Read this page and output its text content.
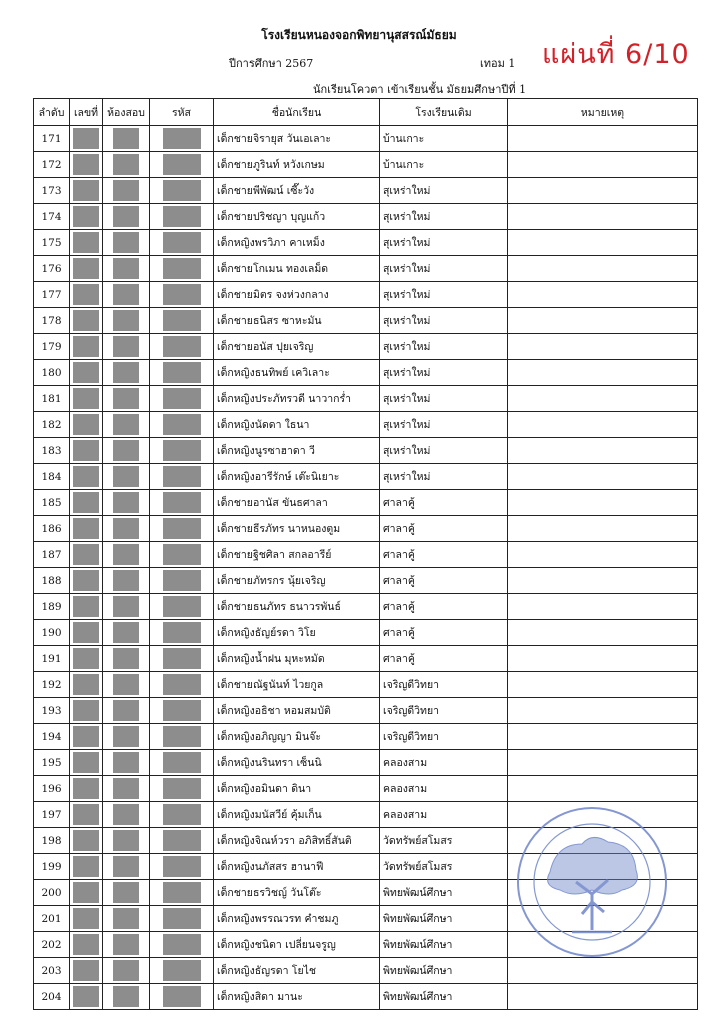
โรงเรียนหนองจอกพิทยานุสสรณ์มัธยม
ปีการศึกษา 2567	เทอม 1 แผ่นที่ 6/10
นักเรียนโควตา เข้าเรียนชั้น มัธยมศึกษาปีที่ 1
ลำดับ	เลขที่	ห้องสอบ	รหัส	ชื่อนักเรียน	โรงเรียนเดิม	หมายเหตุ
171				เด็กชายจิรายุส วันเอเลาะ	บ้านเกาะ	
172				เด็กชายภูรินท์ หวังเกษม	บ้านเกาะ	
173				เด็กชายพีพัฒน์ เซี๊ะวัง	สุเหร่าใหม่	
174				เด็กชายปริชญา บุญแก้ว	สุเหร่าใหม่	
175				เด็กหญิงพรวิภา คาเหม็ง	สุเหร่าใหม่	
176				เด็กชายโกเมน ทองเลม็ด	สุเหร่าใหม่	
177				เด็กชายมิตร จงห่วงกลาง	สุเหร่าใหม่	
178				เด็กชายธนิสร ซาหะมัน	สุเหร่าใหม่	
179				เด็กชายอนัส ปุยเจริญ	สุเหร่าใหม่	
180				เด็กหญิงธนทิพย์ เควิเลาะ	สุเหร่าใหม่	
181				เด็กหญิงประภัทรวดี นาวากร่ำ	สุเหร่าใหม่	
182				เด็กหญิงนัดดา ใธนา	สุเหร่าใหม่	
183				เด็กหญิงนูรซาฮาดา วี	สุเหร่าใหม่	
184				เด็กหญิงอารีรักษ์ เต๊ะนิเยาะ	สุเหร่าใหม่	
185				เด็กชายอานัส ขันธศาลา	ศาลาคู้	
186				เด็กชายธีรภัทร นาหนองตูม	ศาลาคู้	
187				เด็กชายฐิชศิลา สกลอารีย์	ศาลาคู้	
188				เด็กชายภัทรกร นุ้ยเจริญ	ศาลาคู้	
189				เด็กชายธนภัทร ธนาวรพันธ์	ศาลาคู้	
190				เด็กหญิงธัญย์รดา วิโย	ศาลาคู้	
191				เด็กหญิงน้ำฝน มุหะหมัด	ศาลาคู้	
192				เด็กชายณัฐนันท์ ไวยกูล	เจริญดีวิทยา	
193				เด็กหญิงอธิชา หอมสมบัติ	เจริญดีวิทยา	
194				เด็กหญิงอภิญญา มินจ๊ะ	เจริญดีวิทยา	
195				เด็กหญิงนรินทรา เซ็นนิ	คลองสาม	
196				เด็กหญิงอมินดา ดินา	คลองสาม	
197				เด็กหญิงมนัสวีย์ คุ้มเก็น	คลองสาม	
198				เด็กหญิงจิณห์วรา อภิสิทธิ์สันติ	วัดทรัพย์สโมสร	
199				เด็กหญิงนภัสสร ฮานาฟี	วัดทรัพย์สโมสร	
200				เด็กชายธรวิชญ์ วันโต๊ะ	พิทยพัฒน์ศึกษา	
201				เด็กหญิงพรรณวรท คำชมภู	พิทยพัฒน์ศึกษา	
202				เด็กหญิงชนิดา เปลี่ยนจรูญ	พิทยพัฒน์ศึกษา	
203				เด็กหญิงธัญรดา โยไช	พิทยพัฒน์ศึกษา	
204				เด็กหญิงสิดา มานะ	พิทยพัฒน์ศึกษา	
